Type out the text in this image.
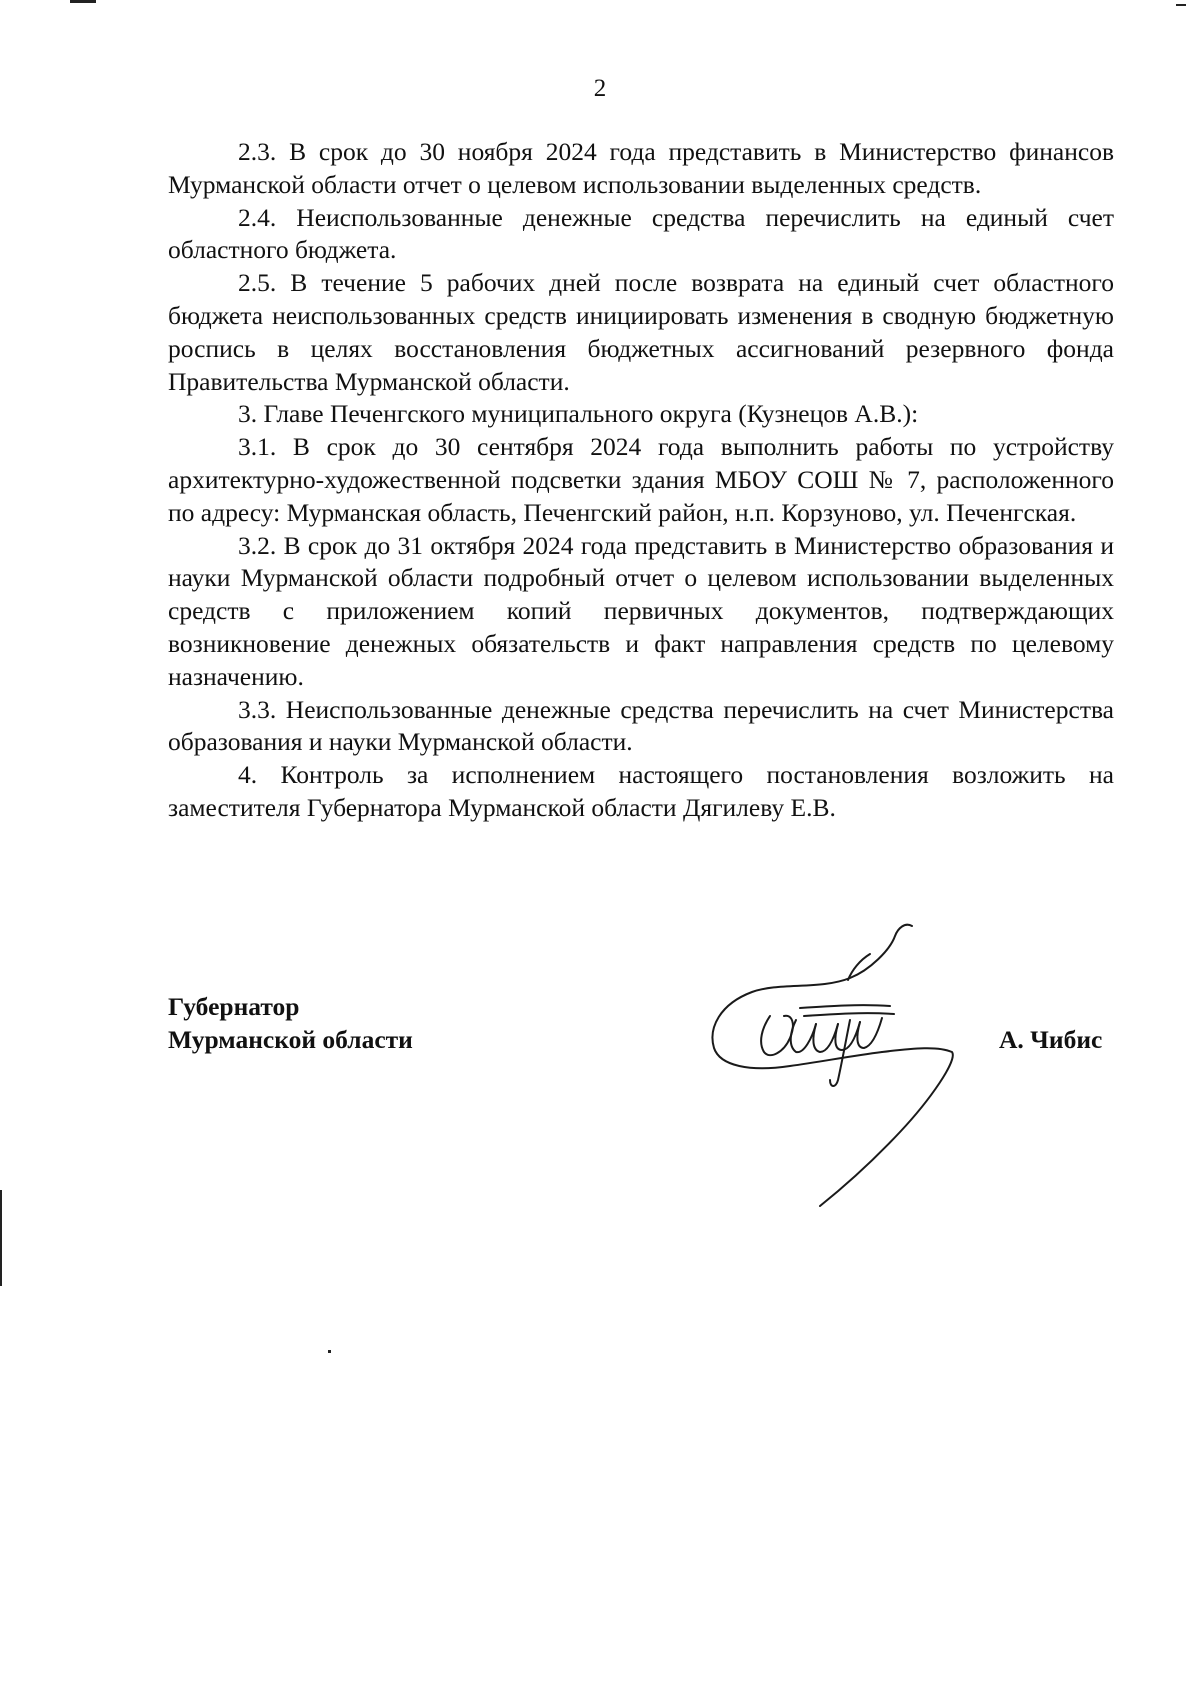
2

2.3. В срок до 30 ноября 2024 года представить в Министерство финансов Мурманской области отчет о целевом использовании выделенных средств.

2.4. Неиспользованные денежные средства перечислить на единый счет областного бюджета.

2.5. В течение 5 рабочих дней после возврата на единый счет областного бюджета неиспользованных средств инициировать изменения в сводную бюджетную роспись в целях восстановления бюджетных ассигнований резервного фонда Правительства Мурманской области.

3. Главе Печенгского муниципального округа (Кузнецов А.В.):

3.1. В срок до 30 сентября 2024 года выполнить работы по устройству архитектурно-художественной подсветки здания МБОУ СОШ № 7, расположенного по адресу: Мурманская область, Печенгский район, н.п. Корзуново, ул. Печенгская.

3.2. В срок до 31 октября 2024 года представить в Министерство образования и науки Мурманской области подробный отчет о целевом использовании выделенных средств с приложением копий первичных документов, подтверждающих возникновение денежных обязательств и факт направления средств по целевому назначению.

3.3. Неиспользованные денежные средства перечислить на счет Министерства образования и науки Мурманской области.

4. Контроль за исполнением настоящего постановления возложить на заместителя Губернатора Мурманской области Дягилеву Е.В.

Губернатор
Мурманской области	А. Чибис
